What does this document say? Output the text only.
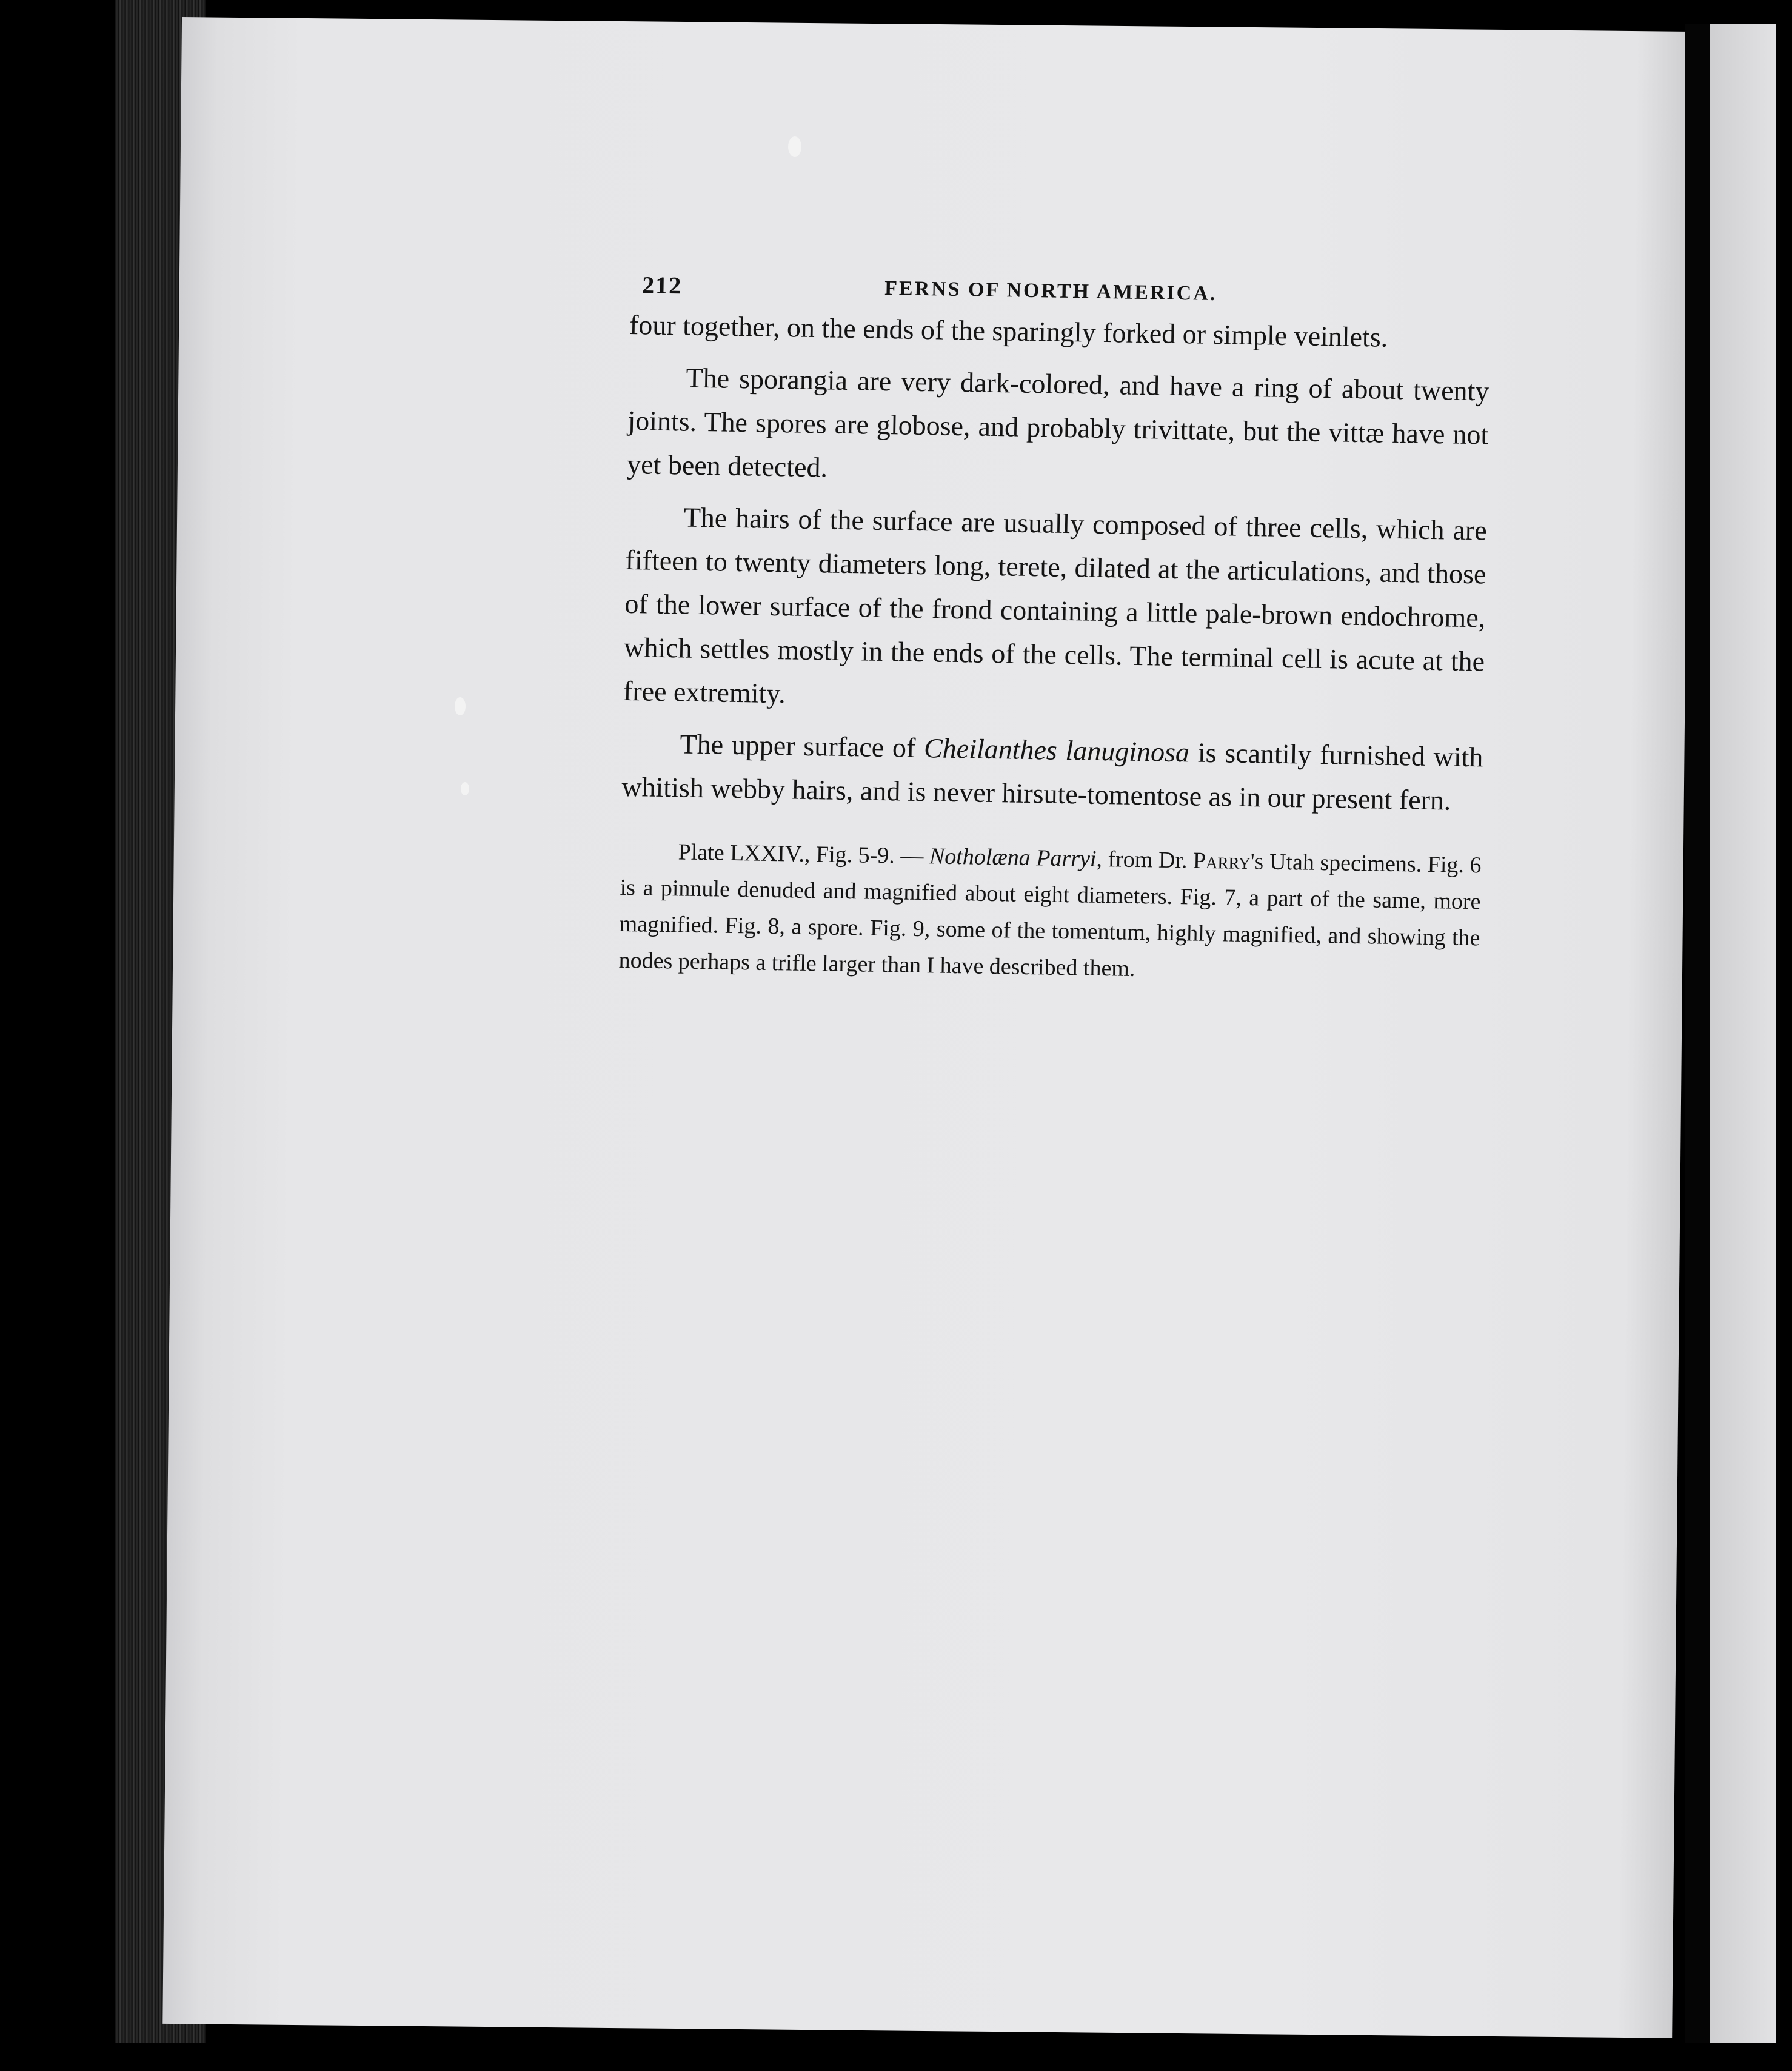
212	FERNS OF NORTH AMERICA.

four together, on the ends of the sparingly forked or simple veinlets.

The sporangia are very dark-colored, and have a ring of about twenty joints. The spores are globose, and probably trivittate, but the vittæ have not yet been detected.

The hairs of the surface are usually composed of three cells, which are fifteen to twenty diameters long, terete, dilated at the articulations, and those of the lower surface of the frond containing a little pale-brown endochrome, which settles mostly in the ends of the cells. The terminal cell is acute at the free extremity.

The upper surface of Cheilanthes lanuginosa is scantily furnished with whitish webby hairs, and is never hirsute-tomentose as in our present fern.

Plate LXXIV., Fig. 5-9. — Notholæna Parryi, from Dr. Parry's Utah specimens. Fig. 6 is a pinnule denuded and magnified about eight diameters. Fig. 7, a part of the same, more magnified. Fig. 8, a spore. Fig. 9, some of the tomentum, highly magnified, and showing the nodes perhaps a trifle larger than I have described them.
